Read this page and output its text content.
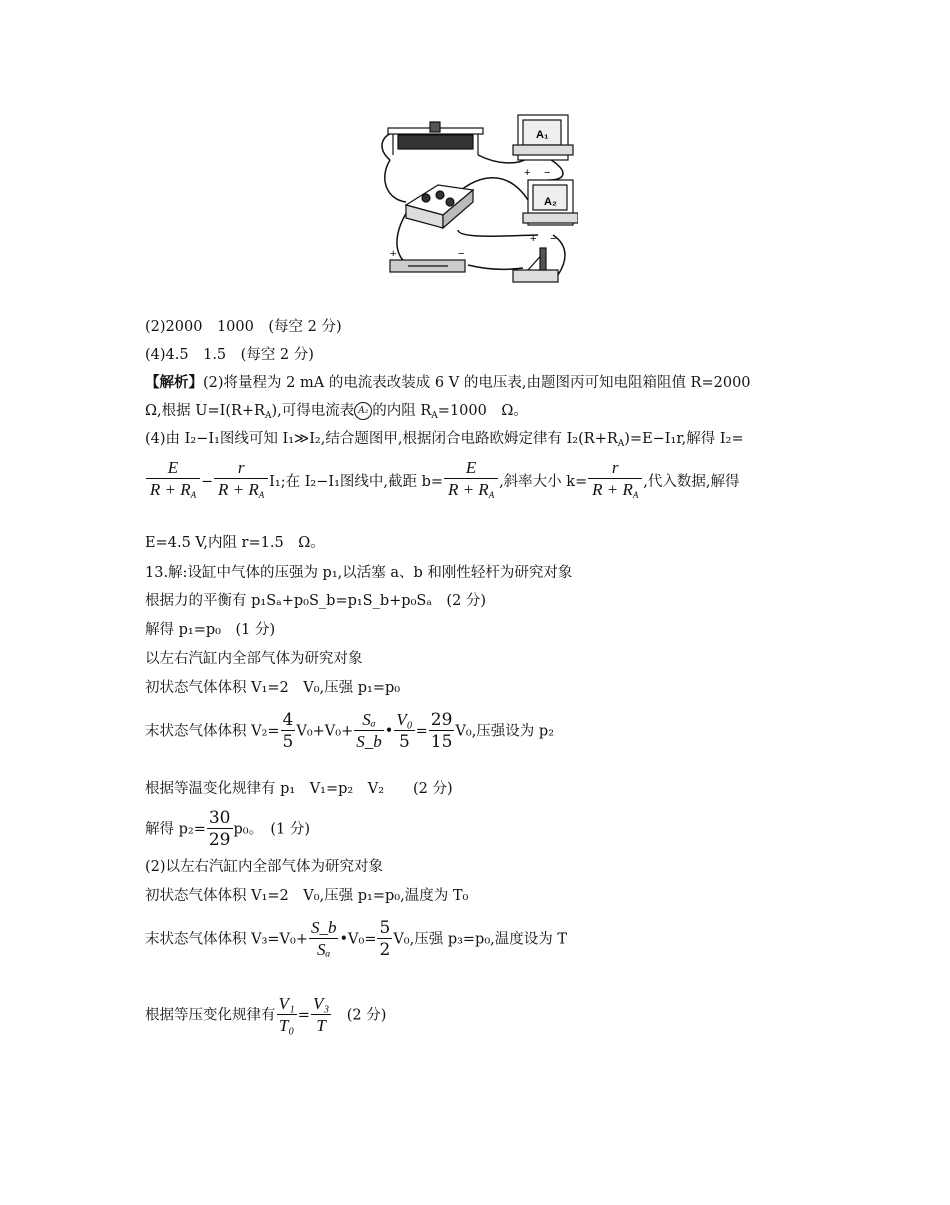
A₁
+ −
A₂
+ −
+	−
(2)2000　1000　(每空 2 分)
(4)4.5　1.5　(每空 2 分)
【解析】(2)将量程为 2 mA 的电流表改装成 6 V 的电压表,由题图丙可知电阻箱阻值 R=2000
Ω,根据 $U=I(R+R_A)$,可得电流表 A₂ 的内阻 $R_A=1000$　Ω。
(4)由 I₂−I₁图线可知 I₁≫I₂,结合题图甲,根据闭合电路欧姆定律有 $I_2(R+R_A)=E-I_1r$,解得 I₂=
$\frac{E}{R + R_A} - \frac{r}{R + R_A} I_1$;在 I₂−I₁图线中,截距 $b= \frac{E}{R + R_A}$ ,斜率大小 $k= \frac{r}{R + R_A}$ ,代入数据,解得
E=4.5 V,内阻 r=1.5　Ω。
13.解:设缸中气体的压强为 p₁,以活塞 a、b 和刚性轻杆为研究对象
根据力的平衡有 p₁Sₐ+p₀S_b=p₁S_b+p₀Sₐ　(2 分)
解得 p₁=p₀　(1 分)
以左右汽缸内全部气体为研究对象
初状态气体体积 V₁=2　V₀,压强 p₁=p₀
末状态气体体积 $V_2= \frac{4}{5} V_0+V_0+ \frac{\text{Sₐ}}{S\_b}$ • $\frac{\text{V₀}}{5} = \frac{29}{15} V_0$,压强设为 p₂
根据等温变化规律有 p₁　V₁=p₂　V₂　　(2 分)
解得 $p_2= \frac{30}{29} p_0$。　(1 分)
(2)以左右汽缸内全部气体为研究对象
初状态气体体积 V₁=2　V₀,压强 p₁=p₀,温度为 T₀
末状态气体体积 $V_3=V_0+ \frac{S\_b}{\text{Sₐ}}$ •V₀= $\frac{5}{2} V_0$,压强 p₃=p₀,温度设为 T
根据等压变化规律有 $\frac{\text{V₁}}{\text{T₀}} = \frac{\text{V₃}}{T}$ 　(2 分)
